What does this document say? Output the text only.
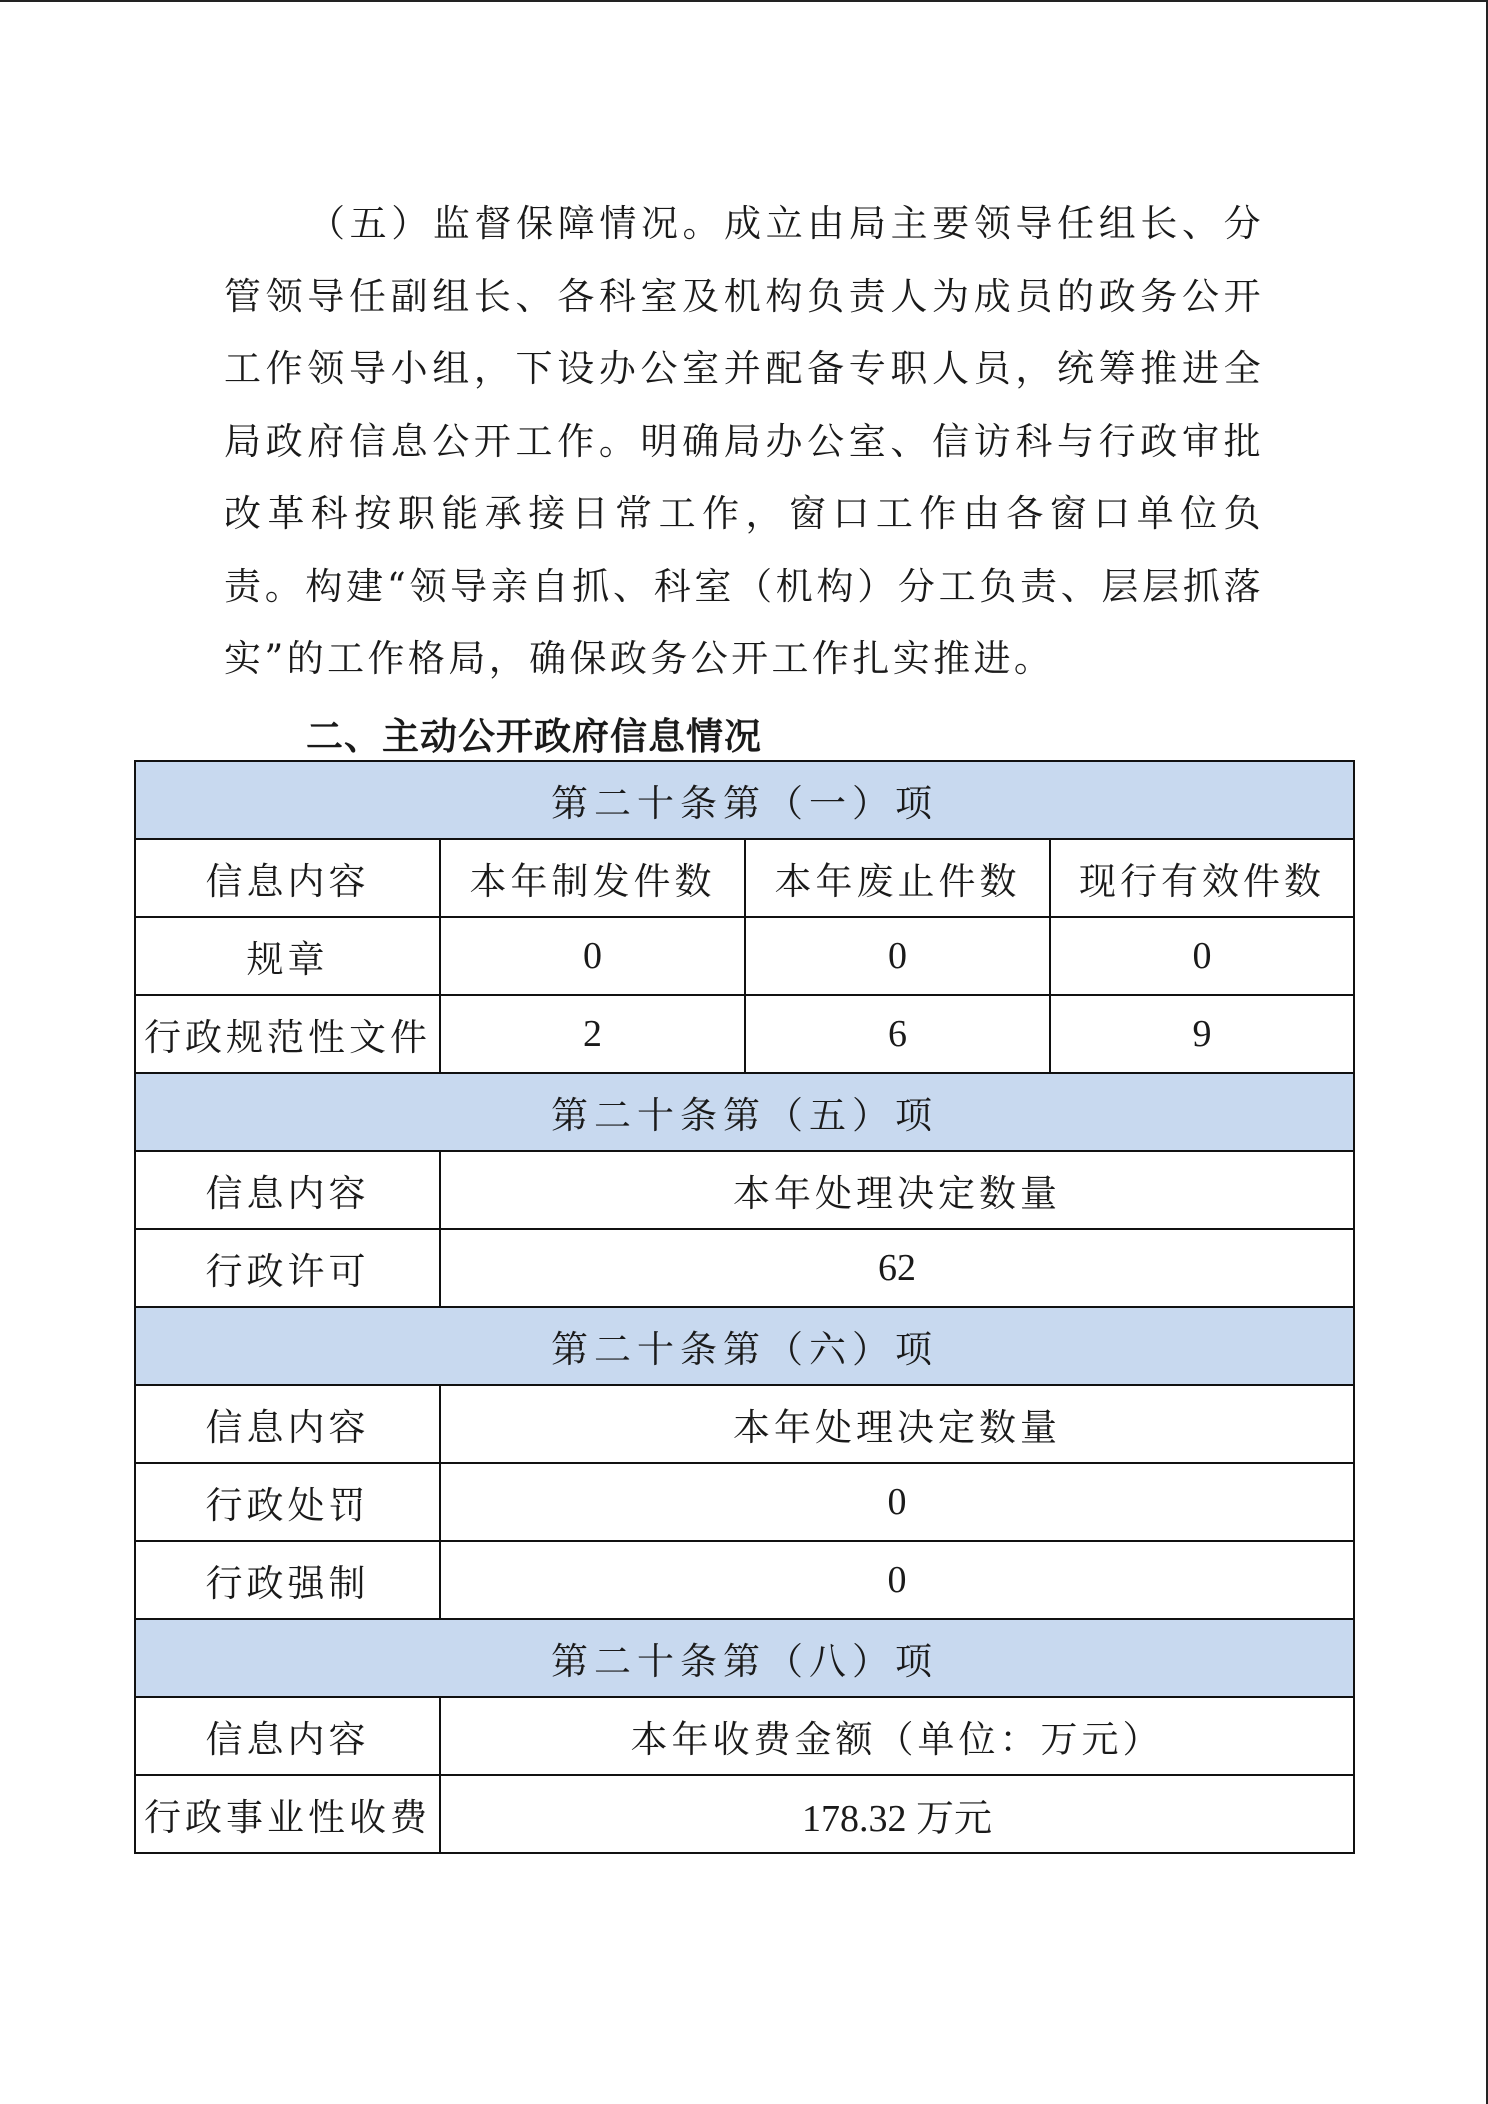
（五）监督保障情况。成立由局主要领导任组长、分管领导任副组长、各科室及机构负责人为成员的政务公开工作领导小组，下设办公室并配备专职人员，统筹推进全局政府信息公开工作。明确局办公室、信访科与行政审批改革科按职能承接日常工作，窗口工作由各窗口单位负责。构建“领导亲自抓、科室（机构）分工负责、层层抓落实”的工作格局，确保政务公开工作扎实推进。

二、主动公开政府信息情况
第二十条第（一）项			
信息内容	本年制发件数	本年废止件数	现行有效件数
规章	0	0	0
行政规范性文件	2	6	9
第二十条第（五）项			
信息内容	本年处理决定数量		
行政许可	62		
第二十条第（六）项			
信息内容	本年处理决定数量		
行政处罚	0		
行政强制	0		
第二十条第（八）项			
信息内容	本年收费金额（单位：万元）		
行政事业性收费	178.32 万元		
